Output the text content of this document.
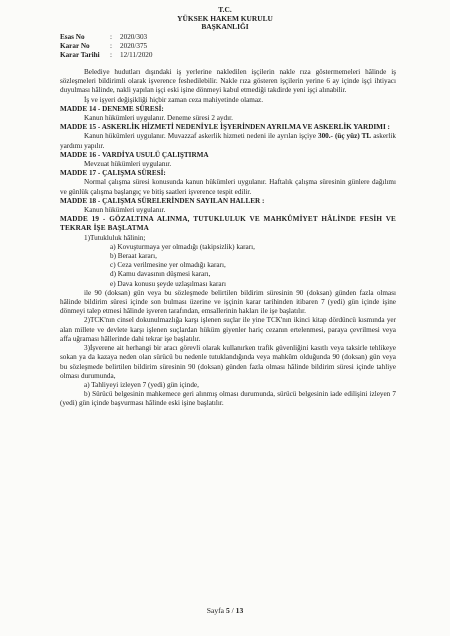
T.C.
YÜKSEK HAKEM KURULU
BAŞKANLIĞI
Esas No	:	2020/303
Karar No	:	2020/375
Karar Tarihi	:	12/11/2020

Belediye hudutları dışındaki iş yerlerine nakledilen işçilerin nakle rıza göstermemeleri hâlinde iş sözleşmeleri bildirimli olarak işverence feshedilebilir. Nakle rıza gösteren işçilerin yerine 6 ay içinde işçi ihtiyacı duyulması hâlinde, nakli yapılan işçi eski işine dönmeyi kabul etmediği takdirde yeni işçi alınabilir.

İş ve işyeri değişikliği hiçbir zaman ceza mahiyetinde olamaz.

MADDE 14 - DENEME SÜRESİ:

Kanun hükümleri uygulanır. Deneme süresi 2 aydır.

MADDE 15 - ASKERLİK HİZMETİ NEDENİYLE İŞYERİNDEN AYRILMA VE ASKERLİK YARDIMI :

Kanun hükümleri uygulanır. Muvazzaf askerlik hizmeti nedeni ile ayrılan işçiye 300.- (üç yüz) TL askerlik yardımı yapılır.

MADDE 16 - VARDİYA USULÜ ÇALIŞTIRMA

Mevzuat hükümleri uygulanır.

MADDE 17 - ÇALIŞMA SÜRESİ:

Normal çalışma süresi konusunda kanun hükümleri uygulanır. Haftalık çalışma süresinin günlere dağılımı ve günlük çalışma başlangıç ve bitiş saatleri işverence tespit edilir.

MADDE 18 - ÇALIŞMA SÜRELERİNDEN SAYILAN HALLER :

Kanun hükümleri uygulanır.

MADDE 19 - GÖZALTINA ALINMA, TUTUKLULUK VE MAHKÛMİYET HÂLİNDE FESİH VE TEKRAR İŞE BAŞLATMA

1)Tutukluluk hâlinin;

a) Kovuşturmaya yer olmadığı (takipsizlik) kararı,

b) Beraat kararı,

c) Ceza verilmesine yer olmadığı kararı,

d) Kamu davasının düşmesi kararı,

e) Dava konusu şeyde uzlaşılması kararı

ile 90 (doksan) gün veya bu sözleşmede belirtilen bildirim süresinin 90 (doksan) günden fazla olması hâlinde bildirim süresi içinde son bulması üzerine ve işçinin karar tarihinden itibaren 7 (yedi) gün içinde işine dönmeyi talep etmesi hâlinde işveren tarafından, emsallerinin hakları ile işe başlatılır.

2)TCK'nın cinsel dokunulmazlığa karşı işlenen suçlar ile yine TCK'nın ikinci kitap dördüncü kısmında yer alan millete ve devlete karşı işlenen suçlardan hüküm giyenler hariç cezanın ertelenmesi, paraya çevrilmesi veya affa uğraması hâllerinde dahi tekrar işe başlatılır.

3)İşverene ait herhangi bir aracı görevli olarak kullanırken trafik güvenliğini kasıtlı veya taksirle tehlikeye sokan ya da kazaya neden olan sürücü bu nedenle tutuklandığında veya mahkûm olduğunda 90 (doksan) gün veya bu sözleşmede belirtilen bildirim süresinin 90 (doksan) günden fazla olması hâlinde bildirim süresi içinde tahliye olması durumunda,

a) Tahliyeyi izleyen 7 (yedi) gün içinde,

b) Sürücü belgesinin mahkemece geri alınmış olması durumunda, sürücü belgesinin iade edilişini izleyen 7 (yedi) gün içinde başvurması hâlinde eski işine başlatılır.

Sayfa 5 / 13
